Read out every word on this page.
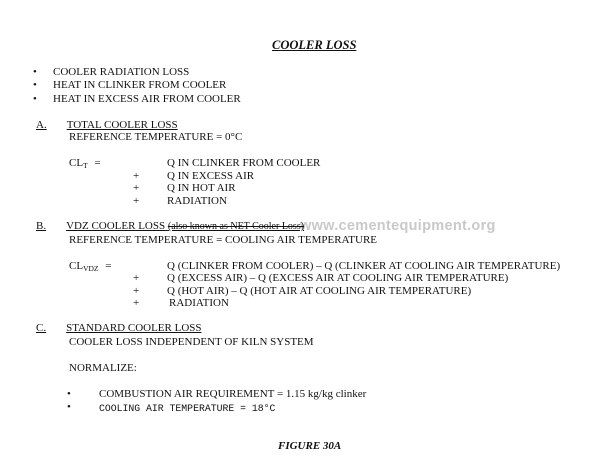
COOLER LOSS
• COOLER RADIATION LOSS
• HEAT IN CLINKER FROM COOLER
• HEAT IN EXCESS AIR FROM COOLER
A. TOTAL COOLER LOSS
REFERENCE TEMPERATURE = 0°C
CLT =	Q IN CLINKER FROM COOLER
+	Q IN EXCESS AIR
+	Q IN HOT AIR
+	RADIATION
www.cementequipment.org
B. VDZ COOLER LOSS (also known as NET Cooler Loss)
REFERENCE TEMPERATURE = COOLING AIR TEMPERATURE
CLVDZ =	Q (CLINKER FROM COOLER) – Q (CLINKER AT COOLING AIR TEMPERATURE)
+	Q (EXCESS AIR) – Q (EXCESS AIR AT COOLING AIR TEMPERATURE)
+	Q (HOT AIR) – Q (HOT AIR AT COOLING AIR TEMPERATURE)
+	RADIATION
C. STANDARD COOLER LOSS
COOLER LOSS INDEPENDENT OF KILN SYSTEM
NORMALIZE:
•	COMBUSTION AIR REQUIREMENT = 1.15 kg/kg clinker
•	COOLING AIR TEMPERATURE = 18°C
FIGURE 30A
